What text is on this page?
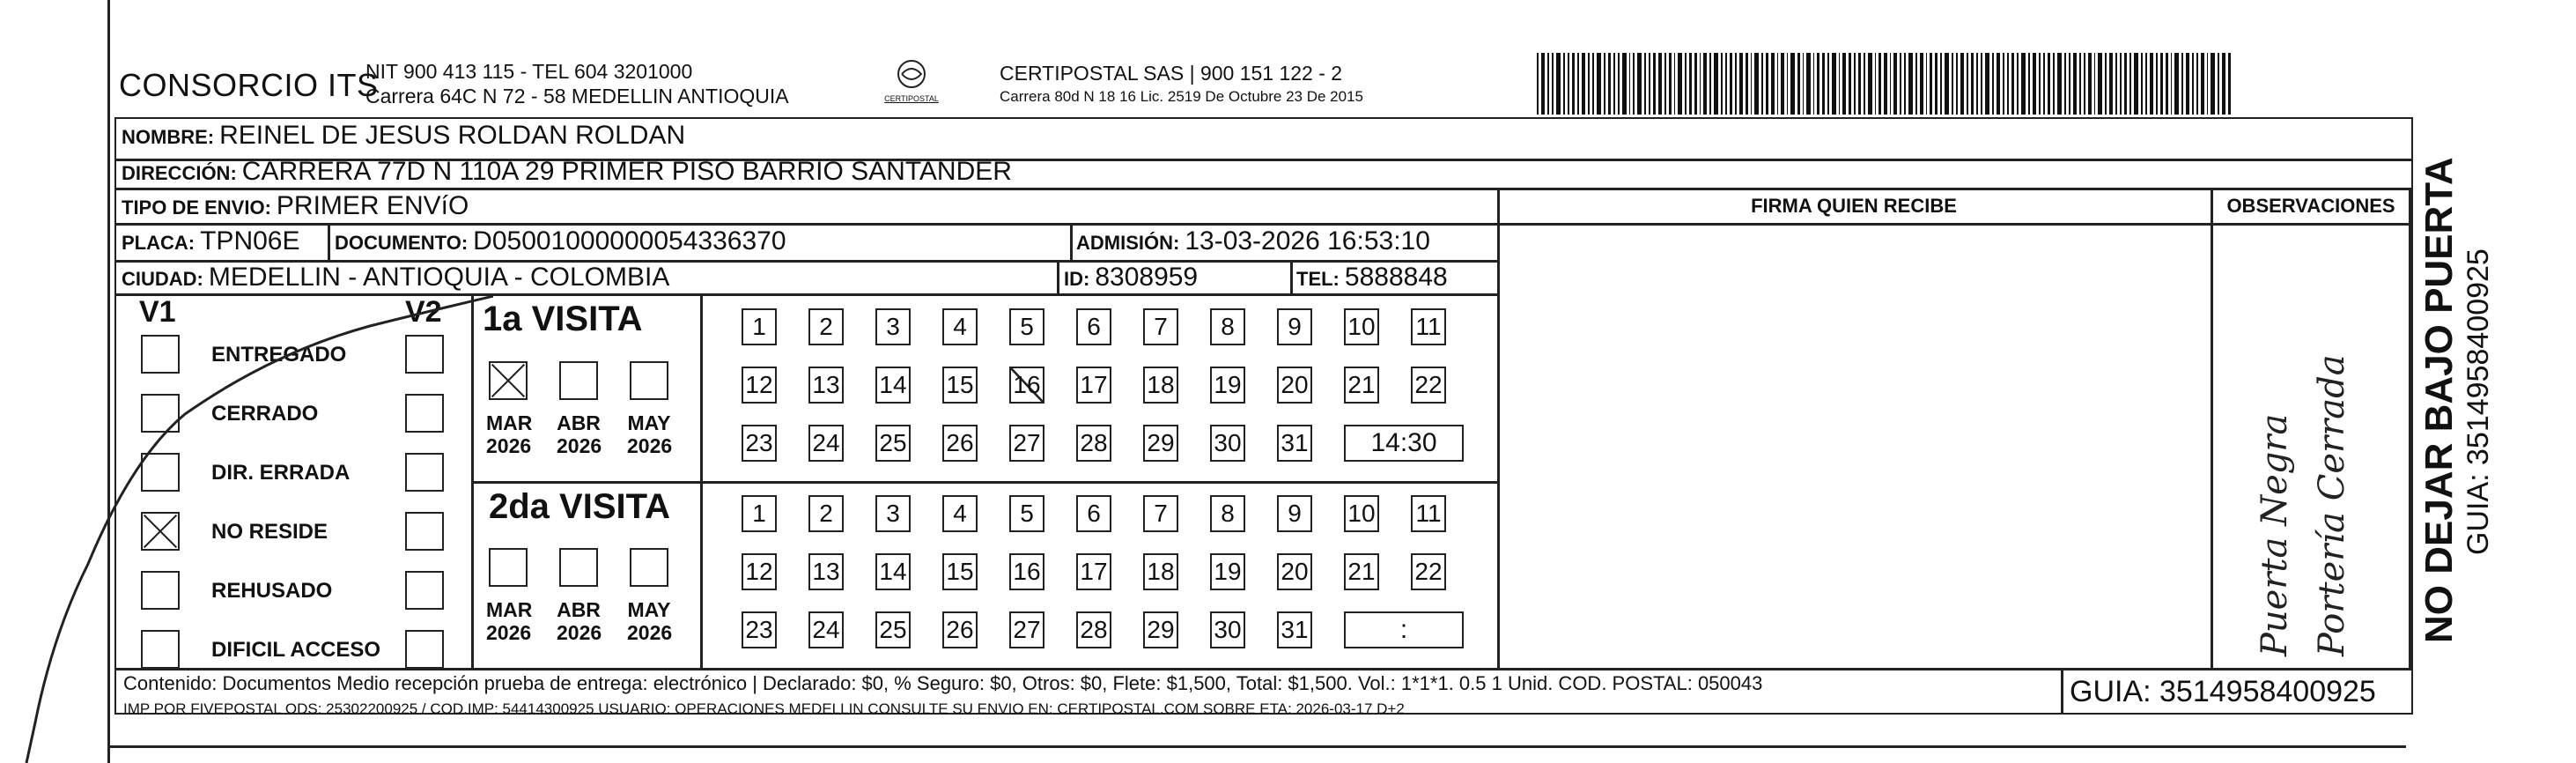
CONSORCIO ITS
NIT 900 413 115 - TEL 604 3201000
Carrera 64C N 72 - 58 MEDELLIN ANTIOQUIA	CERTIPOSTAL
CERTIPOSTAL SAS | 900 151 122 - 2
Carrera 80d N 18 16 Lic. 2519 De Octubre 23 De 2015
NOMBRE: REINEL DE JESUS ROLDAN ROLDAN
DIRECCIÓN: CARRERA 77D N 110A 29 PRIMER PISO BARRIO SANTANDER
TIPO DE ENVIO: PRIMER ENVíO
PLACA: TPN06E DOCUMENTO: D05001000000054336370	ADMISIÓN: 13-03-2026 16:53:10
CIUDAD: MEDELLIN - ANTIOQUIA - COLOMBIA	ID: 8308959	TEL: 5888848
FIRMA QUIEN RECIBE	OBSERVACIONES
Puerta Negra Portería Cerrada NO DEJAR BAJO PUERTA GUIA: 3514958400925
V1	V2
ENTREGADO
CERRADO
DIR. ERRADA
NO RESIDE
REHUSADO
DIFICIL ACCESO
1a VISITA
2da VISITA
MAR
2026
ABR
2026
MAY
2026
1	2	3	4	5	6	7	8	9	10 11
12 13 14 15 16 17 18 19 20 21 22
23 24 25 26 27 28 29 30 31	14:30
MAR
2026
ABR
2026
MAY
2026
1	2	3	4	5	6	7	8	9	10 11
12 13 14 15 16 17 18 19 20 21 22
23 24 25 26 27 28 29 30 31	:
Contenido: Documentos Medio recepción prueba de entrega: electrónico | Declarado: $0, % Seguro: $0, Otros: $0, Flete: $1,500, Total: $1,500. Vol.: 1*1*1. 0.5 1 Unid. COD. POSTAL: 050043
IMP POR FIVEPOSTAL ODS: 25302200925 / COD.IMP: 54414300925 USUARIO: OPERACIONES MEDELLIN CONSULTE SU ENVIO EN: CERTIPOSTAL.COM SOBRE ETA: 2026-03-17 D+2
GUIA: 3514958400925
